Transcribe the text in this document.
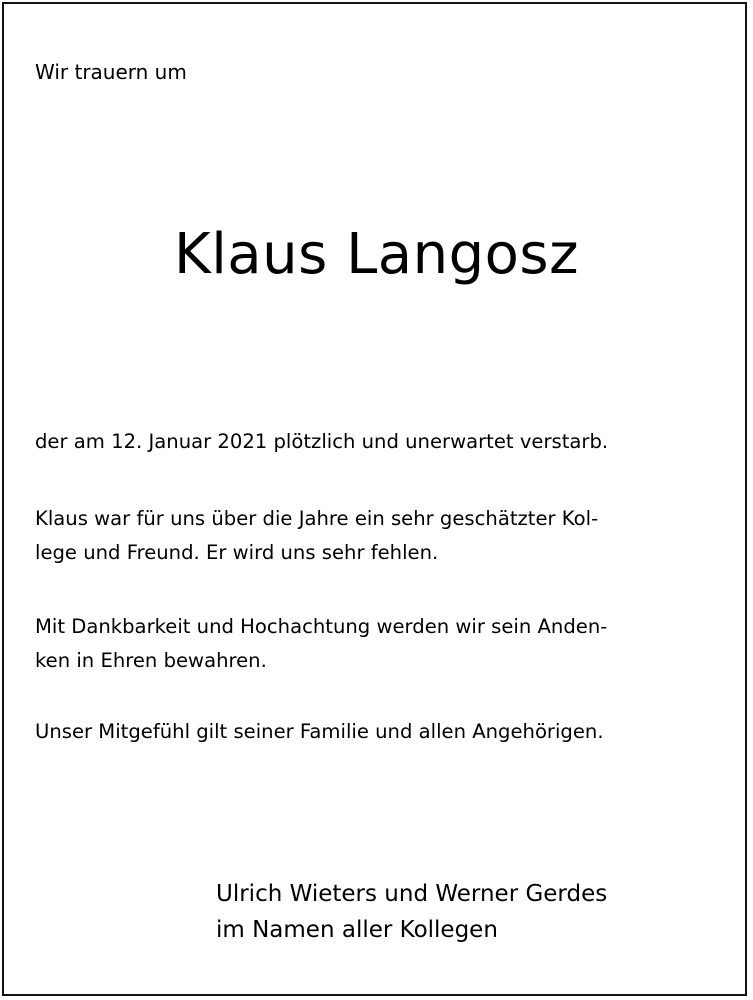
Wir trauern um

Klaus Langosz
der am 12. Januar 2021 plötzlich und unerwartet verstarb.
Klaus war für uns über die Jahre ein sehr geschätzter Kol-
lege und Freund. Er wird uns sehr fehlen.
Mit Dankbarkeit und Hochachtung werden wir sein Anden-
ken in Ehren bewahren.
Unser Mitgefühl gilt seiner Familie und allen Angehörigen.
Ulrich Wieters und Werner Gerdes
im Namen aller Kollegen
